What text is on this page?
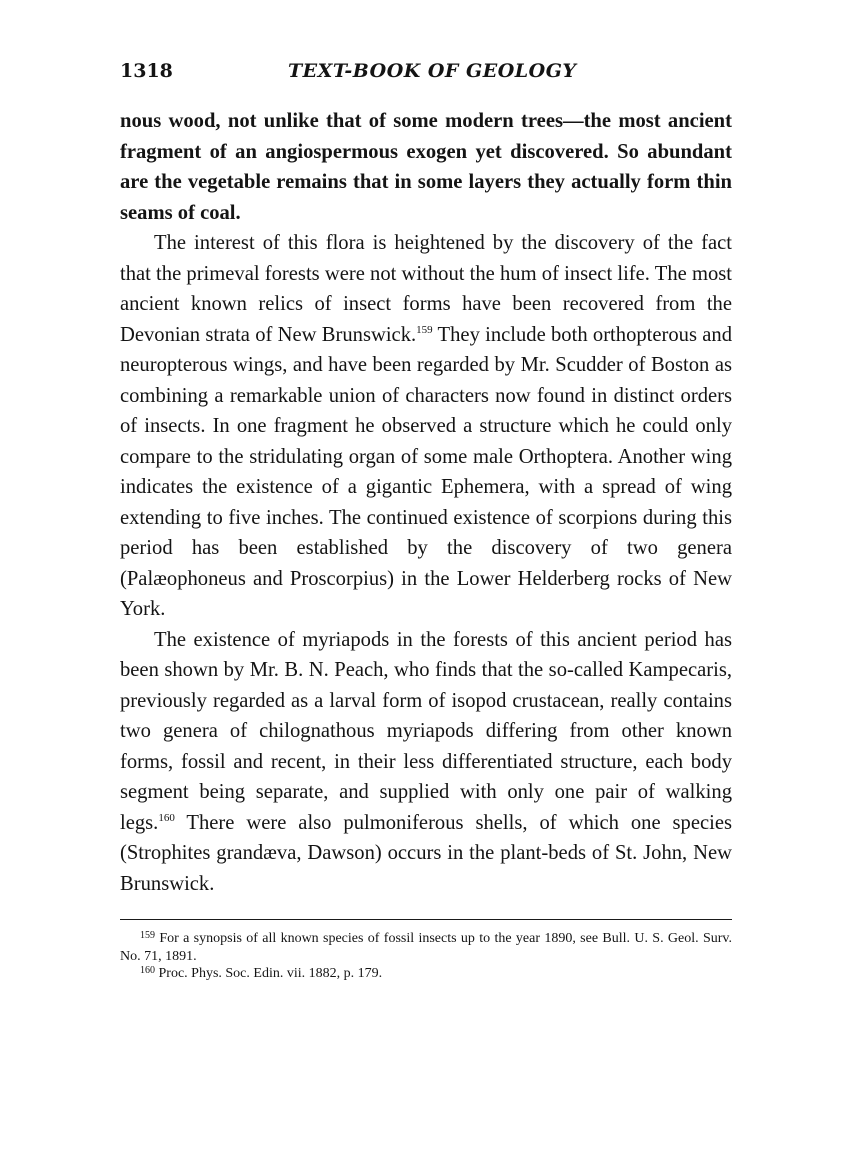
1318	TEXT-BOOK OF GEOLOGY

nous wood, not unlike that of some modern trees—the most ancient fragment of an angiospermous exogen yet discovered. So abundant are the vegetable remains that in some layers they actually form thin seams of coal.

The interest of this flora is heightened by the discovery of the fact that the primeval forests were not without the hum of insect life. The most ancient known relics of insect forms have been recovered from the Devonian strata of New Brunswick.$^{159}$ They include both orthopterous and neuropterous wings, and have been regarded by Mr. Scudder of Boston as combining a remarkable union of characters now found in distinct orders of insects. In one fragment he observed a structure which he could only compare to the stridulating organ of some male Orthoptera. Another wing indicates the existence of a gigantic Ephemera, with a spread of wing extending to five inches. The continued existence of scorpions during this period has been established by the discovery of two genera (Palæophoneus and Proscorpius) in the Lower Helderberg rocks of New York.

The existence of myriapods in the forests of this ancient period has been shown by Mr. B. N. Peach, who finds that the so-called Kampecaris, previously regarded as a larval form of isopod crustacean, really contains two genera of chilognathous myriapods differing from other known forms, fossil and recent, in their less differentiated structure, each body segment being separate, and supplied with only one pair of walking legs.$^{160}$ There were also pulmoniferous shells, of which one species (Strophites grandæva, Dawson) occurs in the plant-beds of St. John, New Brunswick.

$^{159}$ For a synopsis of all known species of fossil insects up to the year 1890, see Bull. U. S. Geol. Surv. No. 71, 1891.

$^{160}$ Proc. Phys. Soc. Edin. vii. 1882, p. 179.
